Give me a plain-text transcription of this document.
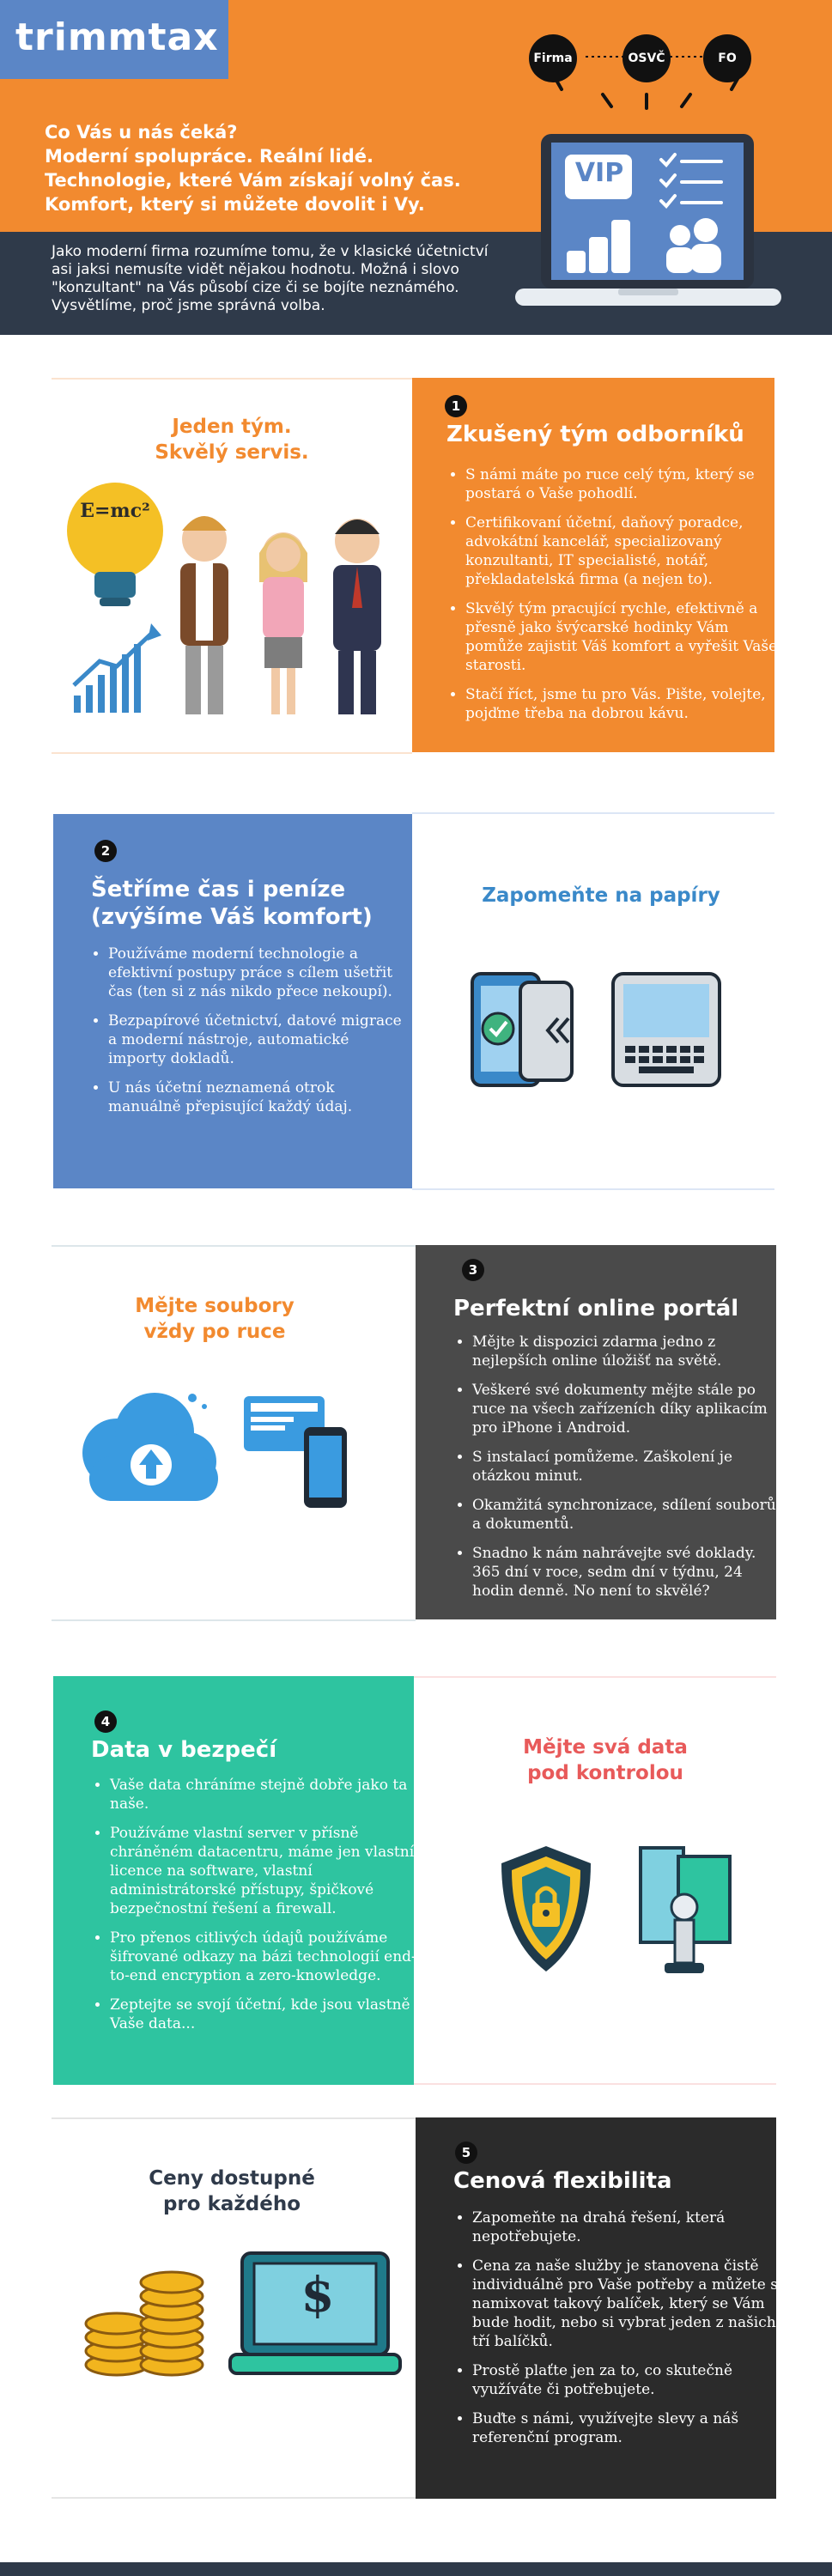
trimmtax
Co Vás u nás čeká?
Moderní spolupráce. Reální lidé.
Technologie, které Vám získají volný čas.
Komfort, který si můžete dovolit i Vy.
Jako moderní firma rozumíme tomu, že v klasické účetnictví asi jaksi nemusíte vidět nějakou hodnotu. Možná i slovo "konzultant" na Vás působí cize či se bojíte neznámého. Vysvětlíme, proč jsme správná volba.
Firma	OSVČ	FO
VIP
1
Zkušený tým odborníků
• S námi máte po ruce celý tým, který se postará o Vaše pohodlí.
• Certifikovaní účetní, daňový poradce, advokátní kancelář, specializovaný konzultanti, IT specialisté, notář, překladatelská firma (a nejen to).
• Skvělý tým pracující rychle, efektivně a přesně jako švýcarské hodinky Vám pomůže zajistit Váš komfort a vyřešit Vaše starosti.
• Stačí říct, jsme tu pro Vás. Pište, volejte, pojďme třeba na dobrou kávu.
Jeden tým.
Skvělý servis.
E=mc²
2
Šetříme čas i peníze
(zvýšíme Váš komfort)
• Používáme moderní technologie a efektivní postupy práce s cílem ušetřit čas (ten si z nás nikdo přece nekoupí).
• Bezpapírové účetnictví, datové migrace a moderní nástroje, automatické importy dokladů.
• U nás účetní neznamená otrok manuálně přepisující každý údaj.
Zapomeňte na papíry
3
Perfektní online portál
• Mějte k dispozici zdarma jedno z nejlepších online úložišť na světě.
• Veškeré své dokumenty mějte stále po ruce na všech zařízeních díky aplikacím pro iPhone i Android.
• S instalací pomůžeme. Zaškolení je otázkou minut.
• Okamžitá synchronizace, sdílení souborů a dokumentů.
• Snadno k nám nahrávejte své doklady. 365 dní v roce, sedm dní v týdnu, 24 hodin denně. No není to skvělé?
Mějte soubory
vždy po ruce
4
Data v bezpečí
• Vaše data chráníme stejně dobře jako ta naše.
• Používáme vlastní server v přísně chráněném datacentru, máme jen vlastní licence na software, vlastní administrátorské přístupy, špičkové bezpečnostní řešení a firewall.
• Pro přenos citlivých údajů používáme šifrované odkazy na bázi technologií end-to-end encryption a zero-knowledge.
• Zeptejte se svojí účetní, kde jsou vlastně Vaše data...
Mějte svá data
pod kontrolou
5
Cenová flexibilita
• Zapomeňte na drahá řešení, která nepotřebujete.
• Cena za naše služby je stanovena čistě individuálně pro Vaše potřeby a můžete si namixovat takový balíček, který se Vám bude hodit, nebo si vybrat jeden z našich tří balíčků.
• Prostě plaťte jen za to, co skutečně využíváte či potřebujete.
• Buďte s námi, využívejte slevy a náš referenční program.
Ceny dostupné
pro každého
$
